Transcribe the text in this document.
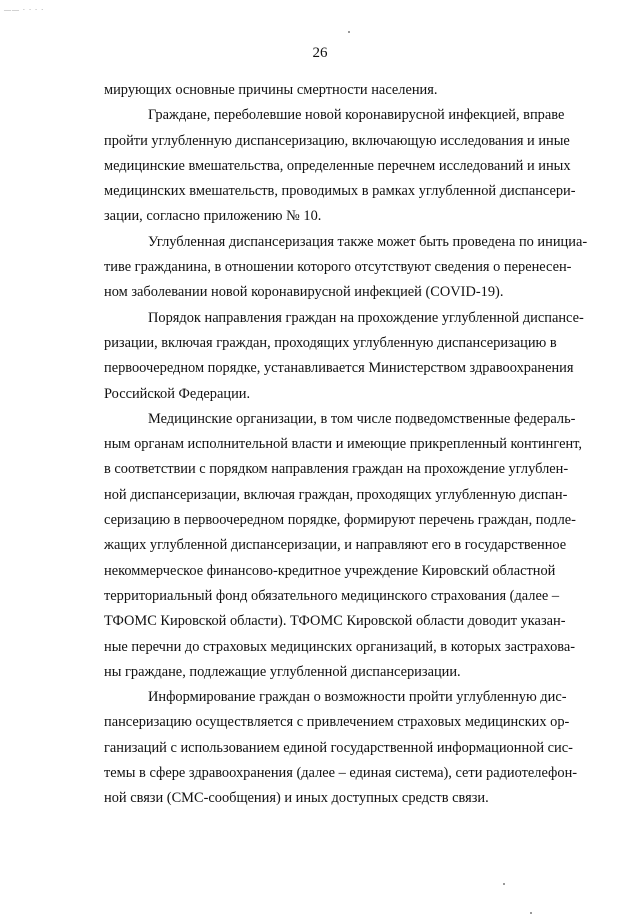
—— · · · ·
26
мирующих основные причины смертности населения.
Граждане, переболевшие новой коронавирусной инфекцией, вправе
пройти углубленную диспансеризацию, включающую исследования и иные
медицинские вмешательства, определенные перечнем исследований и иных
медицинских вмешательств, проводимых в рамках углубленной диспансери-
зации, согласно приложению № 10.
Углубленная диспансеризация также может быть проведена по инициа-
тиве гражданина, в отношении которого отсутствуют сведения о перенесен-
ном заболевании новой коронавирусной инфекцией (COVID-19).
Порядок направления граждан на прохождение углубленной диспансе-
ризации, включая граждан, проходящих углубленную диспансеризацию в
первоочередном порядке, устанавливается Министерством здравоохранения
Российской Федерации.
Медицинские организации, в том числе подведомственные федераль-
ным органам исполнительной власти и имеющие прикрепленный контингент,
в соответствии с порядком направления граждан на прохождение углублен-
ной диспансеризации, включая граждан, проходящих углубленную диспан-
серизацию в первоочередном порядке, формируют перечень граждан, подле-
жащих углубленной диспансеризации, и направляют его в государственное
некоммерческое финансово-кредитное учреждение Кировский областной
территориальный фонд обязательного медицинского страхования (далее –
ТФОМС Кировской области). ТФОМС Кировской области доводит указан-
ные перечни до страховых медицинских организаций, в которых застрахова-
ны граждане, подлежащие углубленной диспансеризации.
Информирование граждан о возможности пройти углубленную дис-
пансеризацию осуществляется с привлечением страховых медицинских ор-
ганизаций с использованием единой государственной информационной сис-
темы в сфере здравоохранения (далее – единая система), сети радиотелефон-
ной связи (СМС-сообщения) и иных доступных средств связи.
